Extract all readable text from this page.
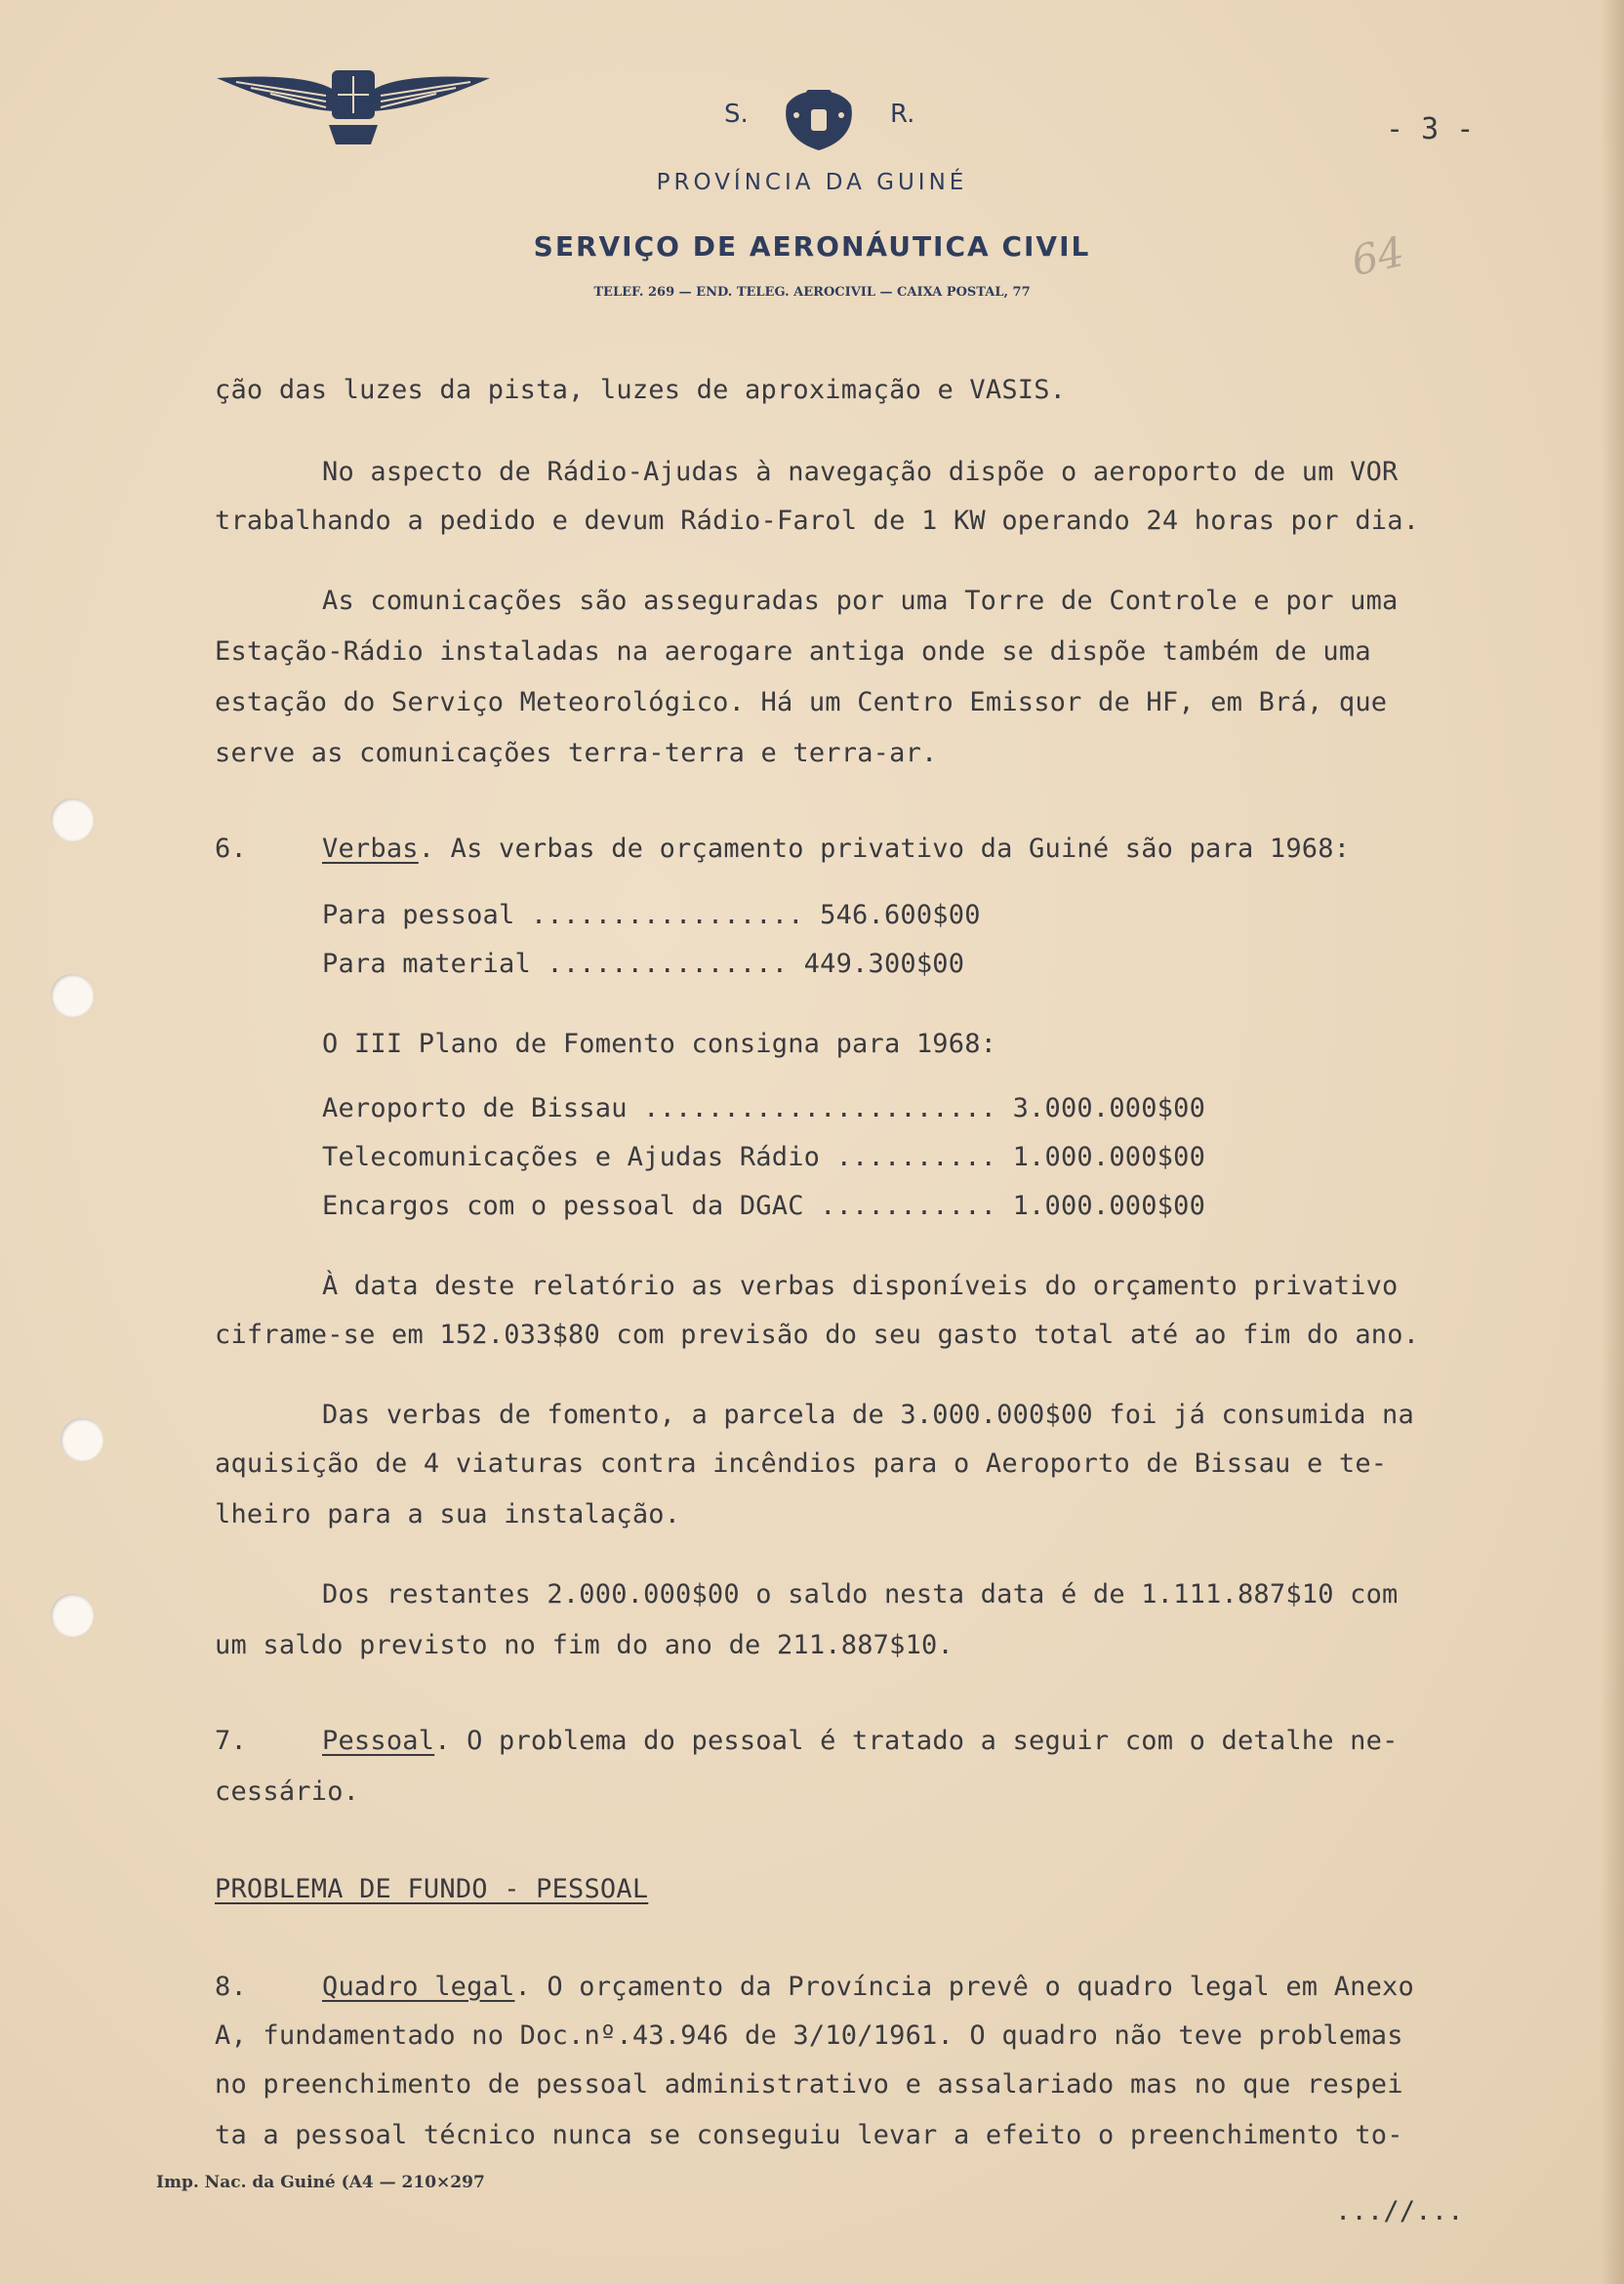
S.	R.
PROVÍNCIA DA GUINÉ
SERVIÇO DE AERONÁUTICA CIVIL
TELEF. 269 — END. TELEG. AEROCIVIL — CAIXA POSTAL, 77
- 3 -
64
ção das luzes da pista, luzes de aproximação e VASIS.
No aspecto de Rádio-Ajudas à navegação dispõe o aeroporto de um VOR
trabalhando a pedido e devum Rádio-Farol de 1 KW operando 24 horas por dia.
As comunicações são asseguradas por uma Torre de Controle e por uma
Estação-Rádio instaladas na aerogare antiga onde se dispõe também de uma
estação do Serviço Meteorológico. Há um Centro Emissor de HF, em Brá, que
serve as comunicações terra-terra e terra-ar.
6.	Verbas. As verbas de orçamento privativo da Guiné são para 1968:
Para pessoal ................. 546.600$00
Para material ............... 449.300$00
O III Plano de Fomento consigna para 1968:
Aeroporto de Bissau ...................... 3.000.000$00
Telecomunicações e Ajudas Rádio .......... 1.000.000$00
Encargos com o pessoal da DGAC ........... 1.000.000$00
À data deste relatório as verbas disponíveis do orçamento privativo
ciframe-se em 152.033$80 com previsão do seu gasto total até ao fim do ano.
Das verbas de fomento, a parcela de 3.000.000$00 foi já consumida na
aquisição de 4 viaturas contra incêndios para o Aeroporto de Bissau e te-
lheiro para a sua instalação.
Dos restantes 2.000.000$00 o saldo nesta data é de 1.111.887$10 com
um saldo previsto no fim do ano de 211.887$10.
7.	Pessoal. O problema do pessoal é tratado a seguir com o detalhe ne-
cessário.
PROBLEMA DE FUNDO - PESSOAL
8.	Quadro legal. O orçamento da Província prevê o quadro legal em Anexo
A, fundamentado no Doc.nº.43.946 de 3/10/1961. O quadro não teve problemas
no preenchimento de pessoal administrativo e assalariado mas no que respei
ta a pessoal técnico nunca se conseguiu levar a efeito o preenchimento to-
Imp. Nac. da Guiné (A4 — 210×297
...//...
